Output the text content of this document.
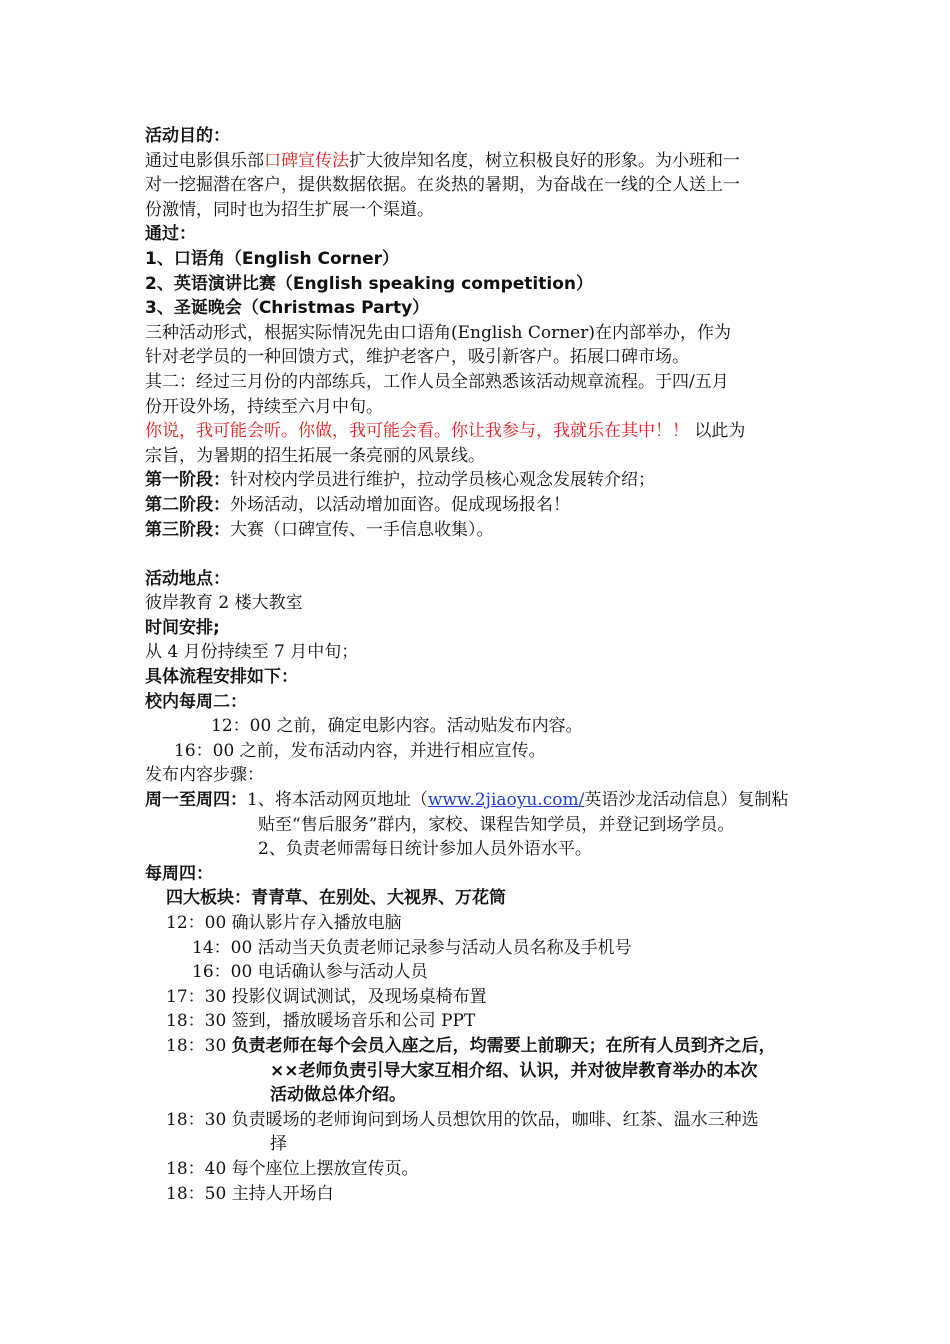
活动目的：

通过电影俱乐部口碑宣传法扩大彼岸知名度，树立积极良好的形象。为小班和一

对一挖掘潜在客户，提供数据依据。在炎热的暑期，为奋战在一线的仝人送上一

份激情，同时也为招生扩展一个渠道。

通过：

1、口语角（English Corner）

2、英语演讲比赛（English speaking competition）

3、圣诞晚会（Christmas Party）

三种活动形式，根据实际情况先由口语角(English Corner)在内部举办，作为

针对老学员的一种回馈方式，维护老客户，吸引新客户。拓展口碑市场。

其二：经过三月份的内部练兵，工作人员全部熟悉该活动规章流程。于四/五月

份开设外场，持续至六月中旬。

你说，我可能会听。你做，我可能会看。你让我参与，我就乐在其中！！ 以此为

宗旨，为暑期的招生拓展一条亮丽的风景线。

第一阶段：针对校内学员进行维护，拉动学员核心观念发展转介绍；

第二阶段：外场活动，以活动增加面咨。促成现场报名！

第三阶段：大赛（口碑宣传、一手信息收集）。

活动地点：

彼岸教育 2 楼大教室

时间安排;

从 4 月份持续至 7 月中旬；

具体流程安排如下：

校内每周二：

12：00 之前，确定电影内容。活动贴发布内容。

16：00 之前，发布活动内容，并进行相应宣传。

发布内容步骤：

周一至周四：1、将本活动网页地址（www.2jiaoyu.com/英语沙龙活动信息）复制粘

贴至“售后服务”群内，家校、课程告知学员，并登记到场学员。

2、负责老师需每日统计参加人员外语水平。

每周四：

四大板块：青青草、在别处、大视界、万花筒

12：00 确认影片存入播放电脑

14：00 活动当天负责老师记录参与活动人员名称及手机号

16：00 电话确认参与活动人员

17：30 投影仪调试测试，及现场桌椅布置

18：30 签到，播放暖场音乐和公司 PPT

18：30 负责老师在每个会员入座之后，均需要上前聊天；在所有人员到齐之后，

××老师负责引导大家互相介绍、认识，并对彼岸教育举办的本次

活动做总体介绍。

18：30 负责暖场的老师询问到场人员想饮用的饮品，咖啡、红茶、温水三种选

择

18：40 每个座位上摆放宣传页。

18：50 主持人开场白
